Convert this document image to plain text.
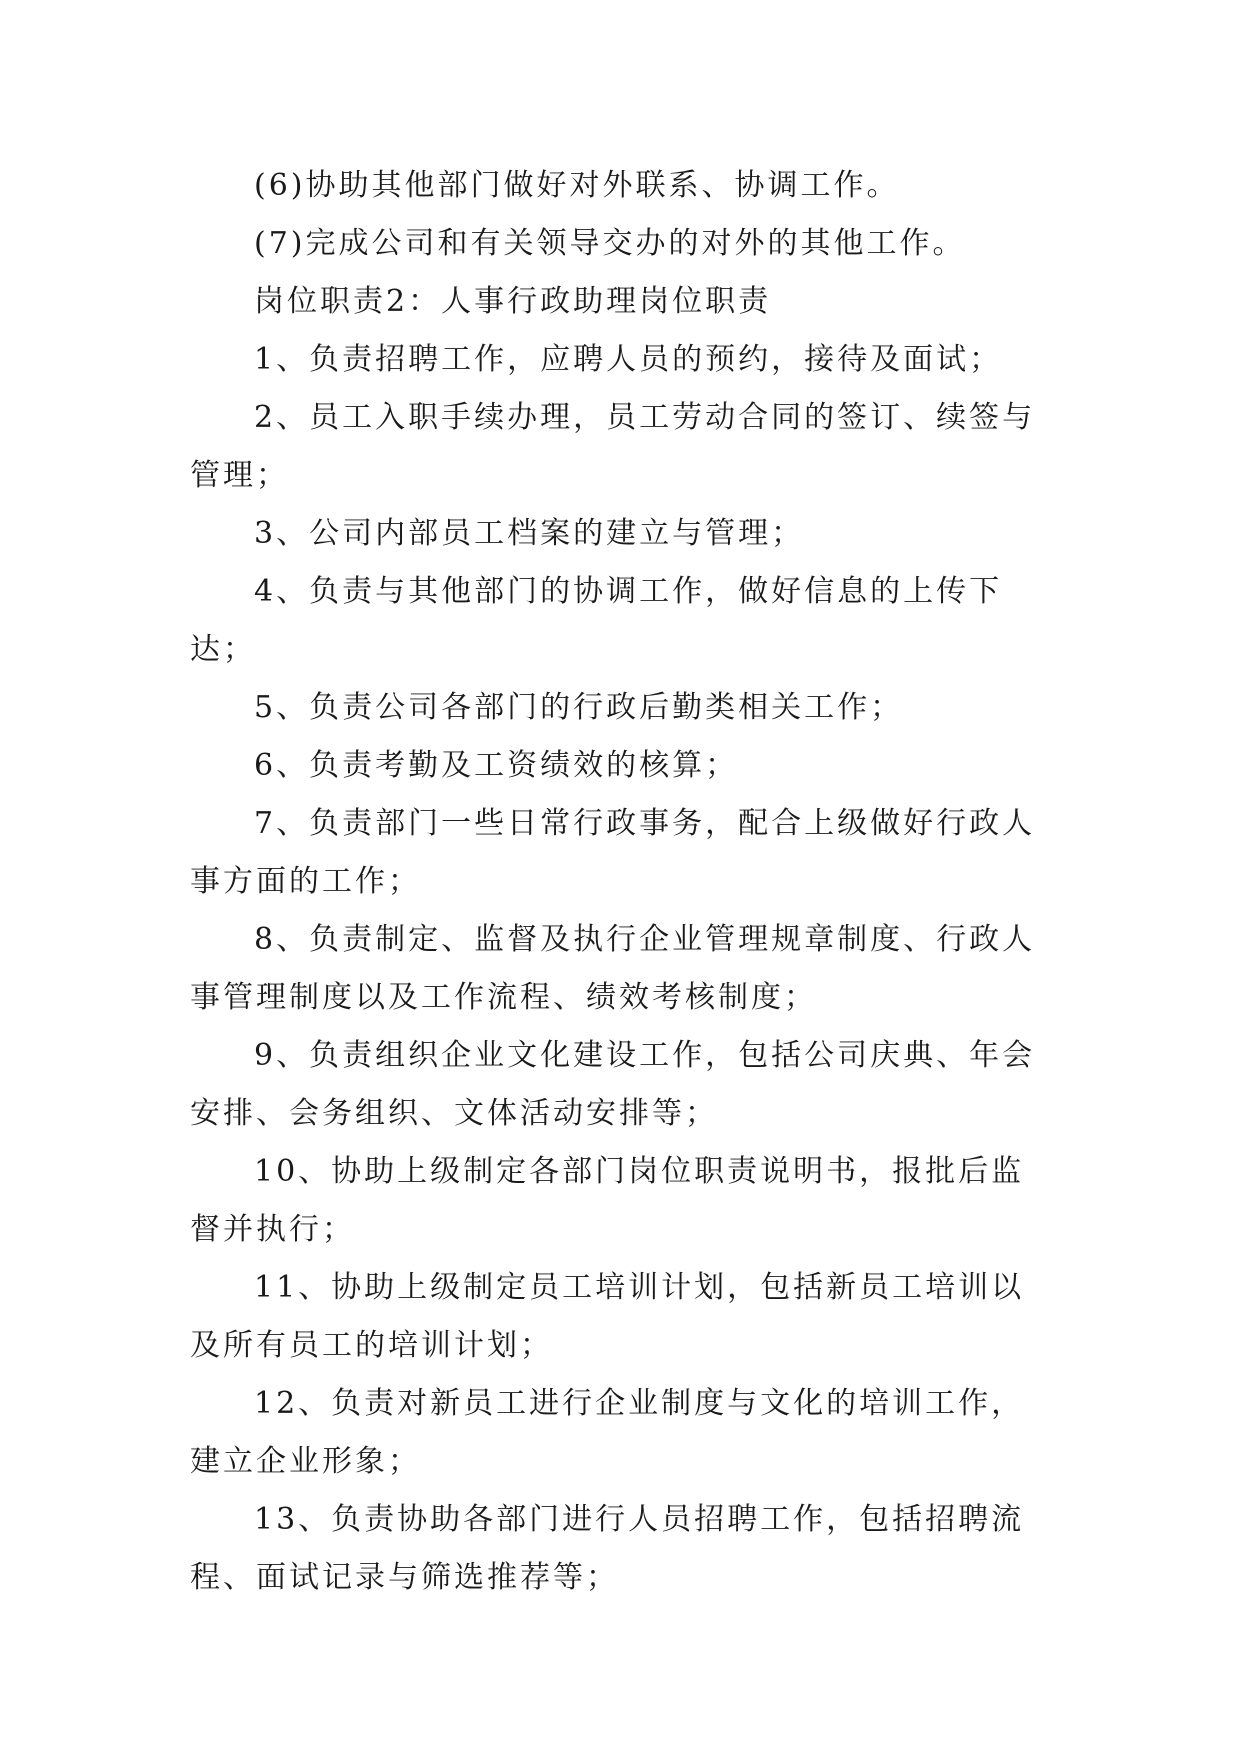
(6)协助其他部门做好对外联系、协调工作。

(7)完成公司和有关领导交办的对外的其他工作。

岗位职责2：人事行政助理岗位职责

1、负责招聘工作，应聘人员的预约，接待及面试；

2、员工入职手续办理，员工劳动合同的签订、续签与管理；

3、公司内部员工档案的建立与管理；

4、负责与其他部门的协调工作，做好信息的上传下达；

5、负责公司各部门的行政后勤类相关工作；

6、负责考勤及工资绩效的核算；

7、负责部门一些日常行政事务，配合上级做好行政人事方面的工作；

8、负责制定、监督及执行企业管理规章制度、行政人事管理制度以及工作流程、绩效考核制度；

9、负责组织企业文化建设工作，包括公司庆典、年会安排、会务组织、文体活动安排等；

10、协助上级制定各部门岗位职责说明书，报批后监督并执行；

11、协助上级制定员工培训计划，包括新员工培训以及所有员工的培训计划；

12、负责对新员工进行企业制度与文化的培训工作，建立企业形象；

13、负责协助各部门进行人员招聘工作，包括招聘流程、面试记录与筛选推荐等；
